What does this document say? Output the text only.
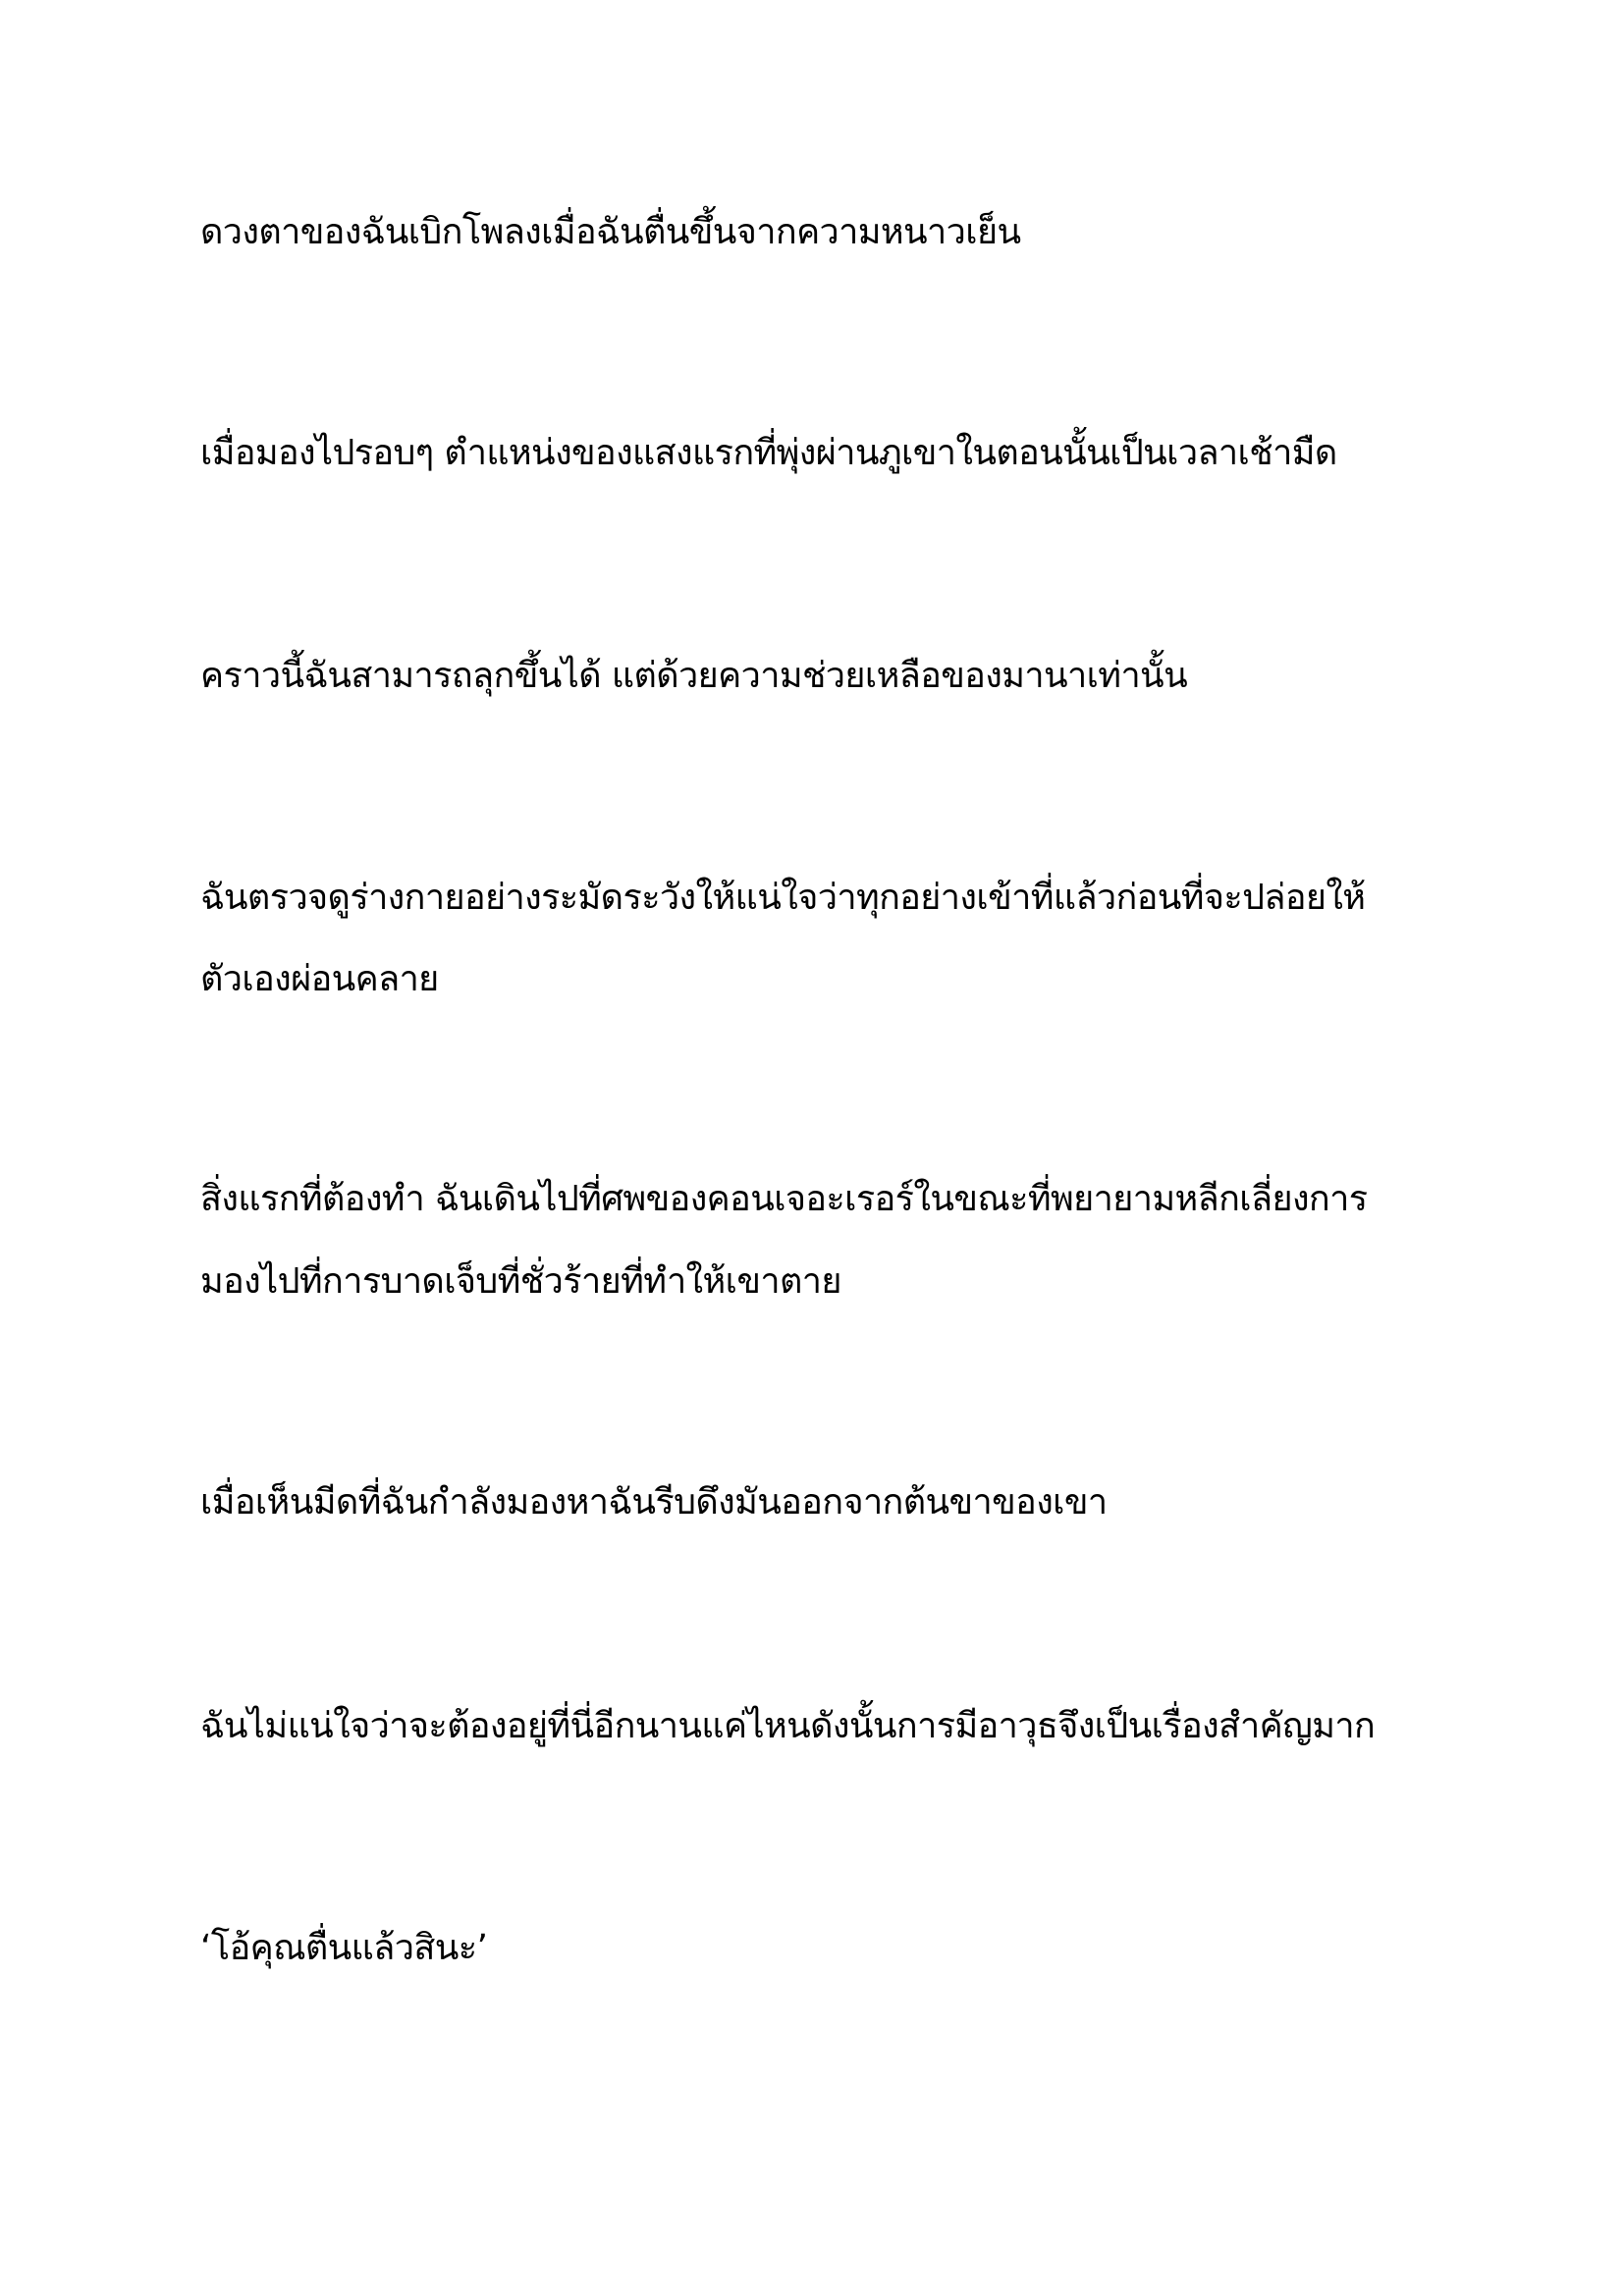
ดวงตาของฉันเบิกโพลงเมื่อฉันตื่นขึ้นจากความหนาวเย็น

เมื่อมองไปรอบๆ ตำแหน่งของแสงแรกที่พุ่งผ่านภูเขาในตอนนั้นเป็นเวลาเช้ามืด

คราวนี้ฉันสามารถลุกขึ้นได้ แต่ด้วยความช่วยเหลือของมานาเท่านั้น

ฉันตรวจดูร่างกายอย่างระมัดระวังให้แน่ใจว่าทุกอย่างเข้าที่แล้วก่อนที่จะปล่อยให้

ตัวเองผ่อนคลาย

สิ่งแรกที่ต้องทำ ฉันเดินไปที่ศพของคอนเจอะเรอร์ในขณะที่พยายามหลีกเลี่ยงการ

มองไปที่การบาดเจ็บที่ชั่วร้ายที่ทำให้เขาตาย

เมื่อเห็นมีดที่ฉันกำลังมองหาฉันรีบดึงมันออกจากต้นขาของเขา

ฉันไม่แน่ใจว่าจะต้องอยู่ที่นี่อีกนานแค่ไหนดังนั้นการมีอาวุธจึงเป็นเรื่องสำคัญมาก

‘โอ้คุณตื่นแล้วสินะ’
